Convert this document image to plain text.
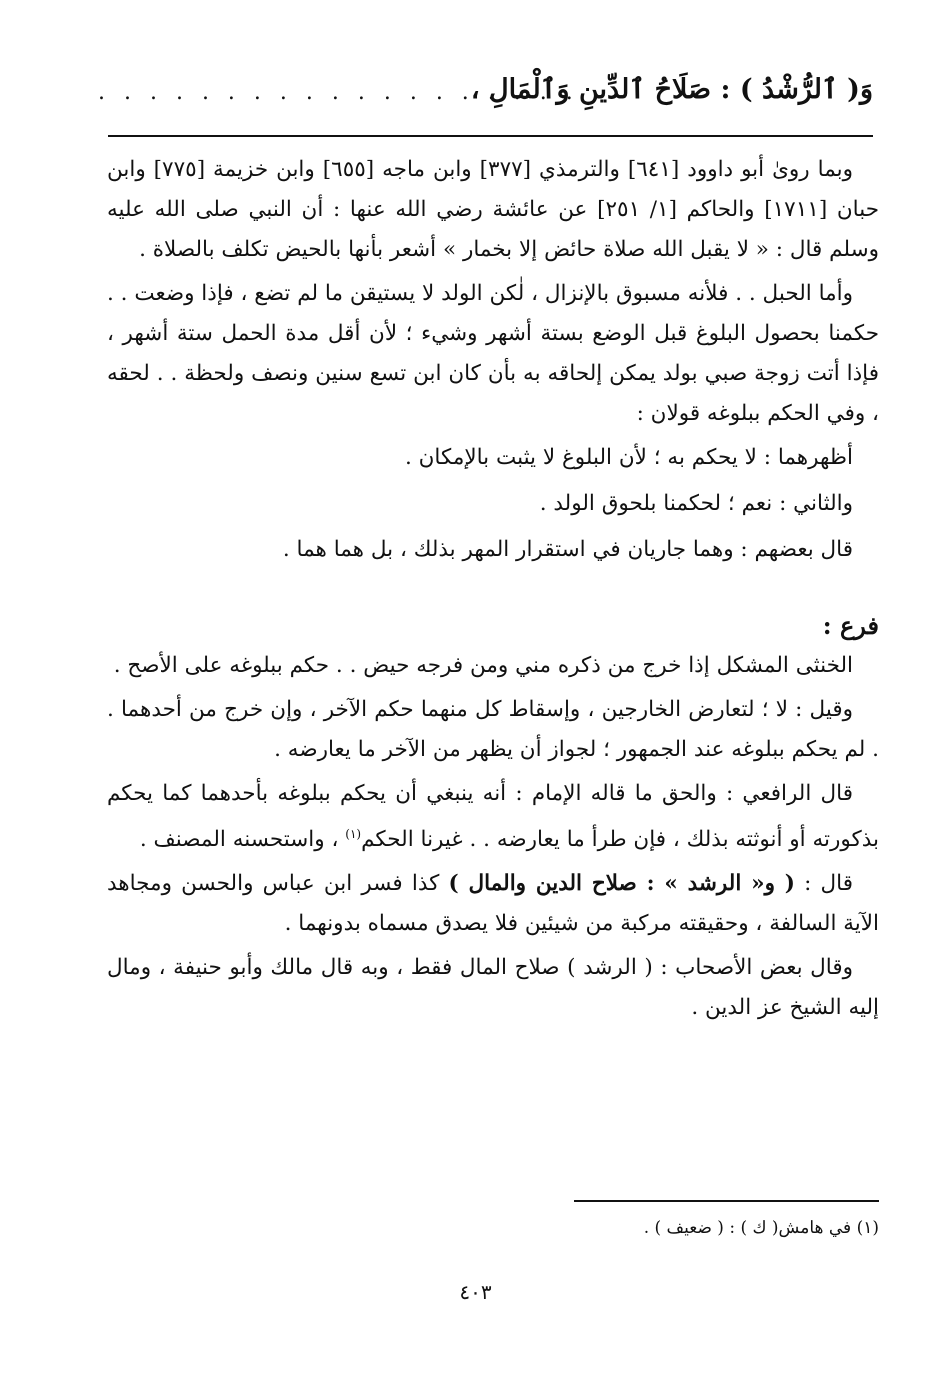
وَ( ٱلرُّشْدُ ) : صَلَاحُ ٱلدِّينِ وَٱلْمَالِ ،
. . . . . . . . . . . . . . . . . . . .

وبما روىٰ أبو داوود [٦٤١] والترمذي [٣٧٧] وابن ماجه [٦٥٥] وابن خزيمة [٧٧٥] وابن حبان [١٧١١] والحاكم [١/ ٢٥١] عن عائشة رضي الله عنها : أن النبي صلى الله عليه وسلم قال : « لا يقبل الله صلاة حائض إلا بخمار » أشعر بأنها بالحيض تكلف بالصلاة .

وأما الحبل . . فلأنه مسبوق بالإنزال ، لٰكن الولد لا يستيقن ما لم تضع ، فإذا وضعت . . حكمنا بحصول البلوغ قبل الوضع بستة أشهر وشيء ؛ لأن أقل مدة الحمل ستة أشهر ، فإذا أتت زوجة صبي بولد يمكن إلحاقه به بأن كان ابن تسع سنين ونصف ولحظة . . لحقه ، وفي الحكم ببلوغه قولان :

أظهرهما : لا يحكم به ؛ لأن البلوغ لا يثبت بالإمكان .

والثاني : نعم ؛ لحكمنا بلحوق الولد .

قال بعضهم : وهما جاريان في استقرار المهر بذلك ، بل هما هما .

فرع :

الخنثى المشكل إذا خرج من ذكره مني ومن فرجه حيض . . حكم ببلوغه على الأصح .

وقيل : لا ؛ لتعارض الخارجين ، وإسقاط كل منهما حكم الآخر ، وإن خرج من أحدهما . . لم يحكم ببلوغه عند الجمهور ؛ لجواز أن يظهر من الآخر ما يعارضه .

قال الرافعي : والحق ما قاله الإمام : أنه ينبغي أن يحكم ببلوغه بأحدهما كما يحكم بذكورته أو أنوثته بذلك ، فإن طرأ ما يعارضه . . غيرنا الحكم$^{(١)}$ ، واستحسنه المصنف .

قال : ( و« الرشد » : صلاح الدين والمال ) كذا فسر ابن عباس والحسن ومجاهد الآية السالفة ، وحقيقته مركبة من شيئين فلا يصدق مسماه بدونهما .

وقال بعض الأصحاب : ( الرشد ) صلاح المال فقط ، وبه قال مالك وأبو حنيفة ، ومال إليه الشيخ عز الدين .

(١) في هامش( ك ) : ( ضعيف ) .
٤٠٣
